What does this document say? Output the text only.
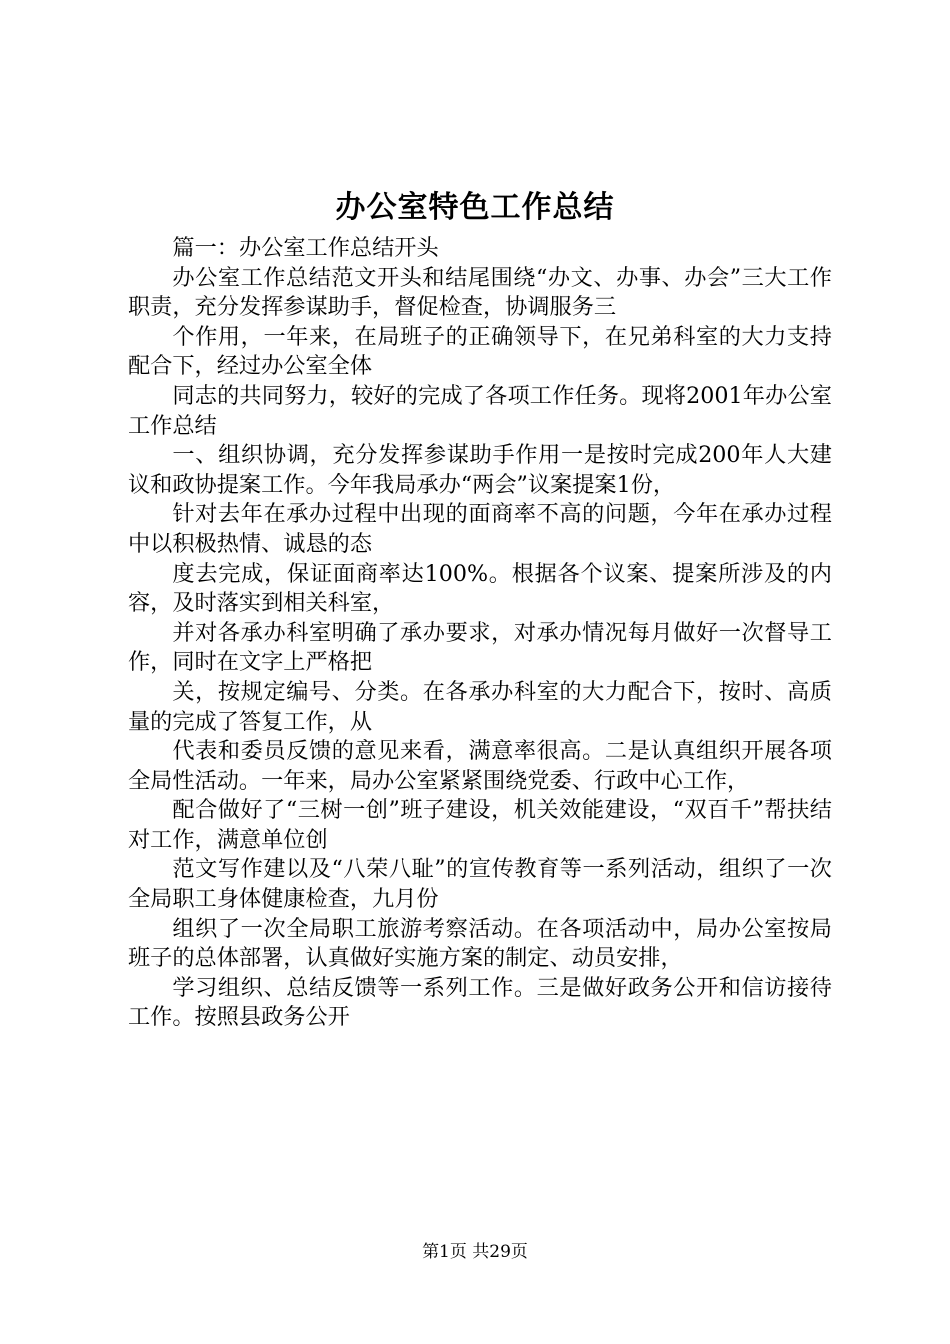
办公室特色工作总结

篇一：办公室工作总结开头

办公室工作总结范文开头和结尾围绕“办文、办事、办会”三大工作职责，充分发挥参谋助手，督促检查，协调服务三

个作用，一年来，在局班子的正确领导下，在兄弟科室的大力支持配合下，经过办公室全体

同志的共同努力，较好的完成了各项工作任务。现将2001年办公室工作总结

一、组织协调，充分发挥参谋助手作用一是按时完成200年人大建议和政协提案工作。今年我局承办“两会”议案提案1份，

针对去年在承办过程中出现的面商率不高的问题，今年在承办过程中以积极热情、诚恳的态

度去完成，保证面商率达100%。根据各个议案、提案所涉及的内容，及时落实到相关科室，

并对各承办科室明确了承办要求，对承办情况每月做好一次督导工作，同时在文字上严格把

关，按规定编号、分类。在各承办科室的大力配合下，按时、高质量的完成了答复工作，从

代表和委员反馈的意见来看，满意率很高。二是认真组织开展各项全局性活动。一年来，局办公室紧紧围绕党委、行政中心工作，

配合做好了“三树一创”班子建设，机关效能建设，“双百千”帮扶结对工作，满意单位创

范文写作建以及“八荣八耻”的宣传教育等一系列活动，组织了一次全局职工身体健康检查，九月份

组织了一次全局职工旅游考察活动。在各项活动中，局办公室按局班子的总体部署，认真做好实施方案的制定、动员安排，

学习组织、总结反馈等一系列工作。三是做好政务公开和信访接待工作。按照县政务公开

第1页 共29页
